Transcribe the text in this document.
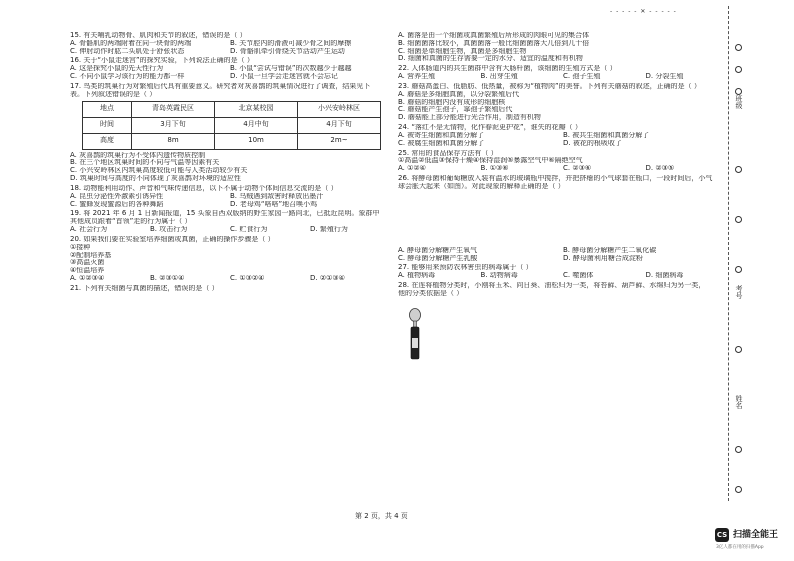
- - - - - ✕ - - - - -

15. 有关哺乳动物骨、肌肉和关节的叙述，错误的是（ ）

A. 骨骼肌的两端附着在同一块骨的两端	B. 关节腔内的滑液可减少骨之间的摩擦
C. 伸肘动作时肱二头肌处于舒张状态	D. 骨骼肌牵引骨绕关节活动产生运动

16. 关于“小鼠走迷宫”的探究实验，下列说法正确的是（ ）

A. 这是探究小鼠的先天性行为	B. 小鼠“尝试与错误”的次数越少于越越
C. 不同小鼠学习该行为的能力都一样	D. 小鼠一旦学会走迷宫就不会忘记

17. 鸟类的筑巢行为对繁殖后代具有重要意义。研究者对灰喜鹊的筑巢情况进行了调查，结果见下

表。下列叙述错误的是（ ）

地点	青岛英霞民区	北京某校园	小兴安岭林区
时间	3月下旬	4月中旬	4月下旬
高度	8m	10m	2m~

A. 灰喜鹊的筑巢行为不受体内遗传物质控制

B. 在三个地区筑巢时间的不同与气温等因素有关

C. 小兴安岭林区内筑巢高度较低可能与人类活动较少有关

D. 筑巢时间与高度的不同体现了灰喜鹊对环境的适应性

18. 动物能利用动作、声音和气味传递信息，以下不属于动物个体间信息交流的是（ ）

A. 昆虫分泌性外激素引诱异性	B. 乌贼遇到敌害时释放出墨汁
C. 蜜蜂发现蜜源后的各种舞蹈	D. 老母鸡“咯咯”地召唤小鸡

19. 将 2021 年 6 月 1 日新闻报道，15 头象自西双版纳的野生家园一路向北，已抵近昆明。象群中

其他成员跟着“首领”走的行为属于（ ）

A. 社会行为	B. 攻击行为	C. 贮食行为	D. 繁殖行为

20. 如果我们要在实验室培养细菌或真菌，正确的操作步骤是（ ）

①接种

②配制培养基

③高温灭菌

④恒温培养

A. ①②③④	B. ②③①④	C. ①③②④	D. ②①③④

21. 下列有关细菌与真菌的描述，错误的是（ ）

A. 菌落是由一个细菌或真菌繁殖后所形成的肉眼可见的集合体

B. 细菌菌落比较小，真菌菌落一般比细菌菌落大几倍到几十倍

C. 细菌是单细胞生物，真菌是多细胞生物

D. 细菌和真菌的生存需要一定的水分、适宜的温度和有机物

22. 人体肠道内的共生菌群中含有大肠杆菌，该细菌的生殖方式是（ ）

A. 营养生殖	B. 出芽生殖	C. 孢子生殖	D. 分裂生殖

23. 蘑菇高蛋白、低脂肪、低热量，被称为“植物肉”的美誉。下列有关蘑菇的叙述，正确的是（ ）

A. 蘑菇是多细胞真菌，以分裂繁殖后代

B. 蘑菇的细胞内没有成形的细胞核

C. 蘑菇能产生孢子，靠孢子繁殖后代

D. 蘑菇能上部分能进行光合作用，制造有机物

24. “落红不是无情物，化作春泥更护花”，谁失的花瓣（ ）

A. 被寄生细菌和真菌分解了	B. 被共生细菌和真菌分解了
C. 被腐生细菌和真菌分解了	D. 被花的根吸收了

25. 常用的食品保存方法有（ ）

①高温②低温③保持干燥④保持湿润⑤暴露空气中⑥隔绝空气

A. ①②④	B. ①③⑥	C. ②③⑥	D. ②③⑤

26. 将酵母菌和葡萄糖放入装有温水的玻璃瓶中搅拌，并把挤瘪的小气球套在瓶口，一段时间后，小气

球会胀大起来（如图）。对此现象的解释正确的是（ ）

A. 酵母菌分解糖产生氧气	B. 酵母菌分解糖产生二氧化碳
C. 酵母菌分解糖产生乳酸	D. 酵母菌利用糖合成淀粉

27. 能够用来预防农林害虫的病毒属于（ ）

A. 植物病毒	B. 动物病毒	C. 噬菌体	D. 细菌病毒

28. 在连将植物分类时，小刚将玉米、向日葵、油松归为一类，将苔藓、葫芦藓、水绵归为另一类，

他的分类依据是（ ）

第 2 页，共 4 页
班级
考号
姓名
CS 扫描全能王
3亿人都在用的扫描App
